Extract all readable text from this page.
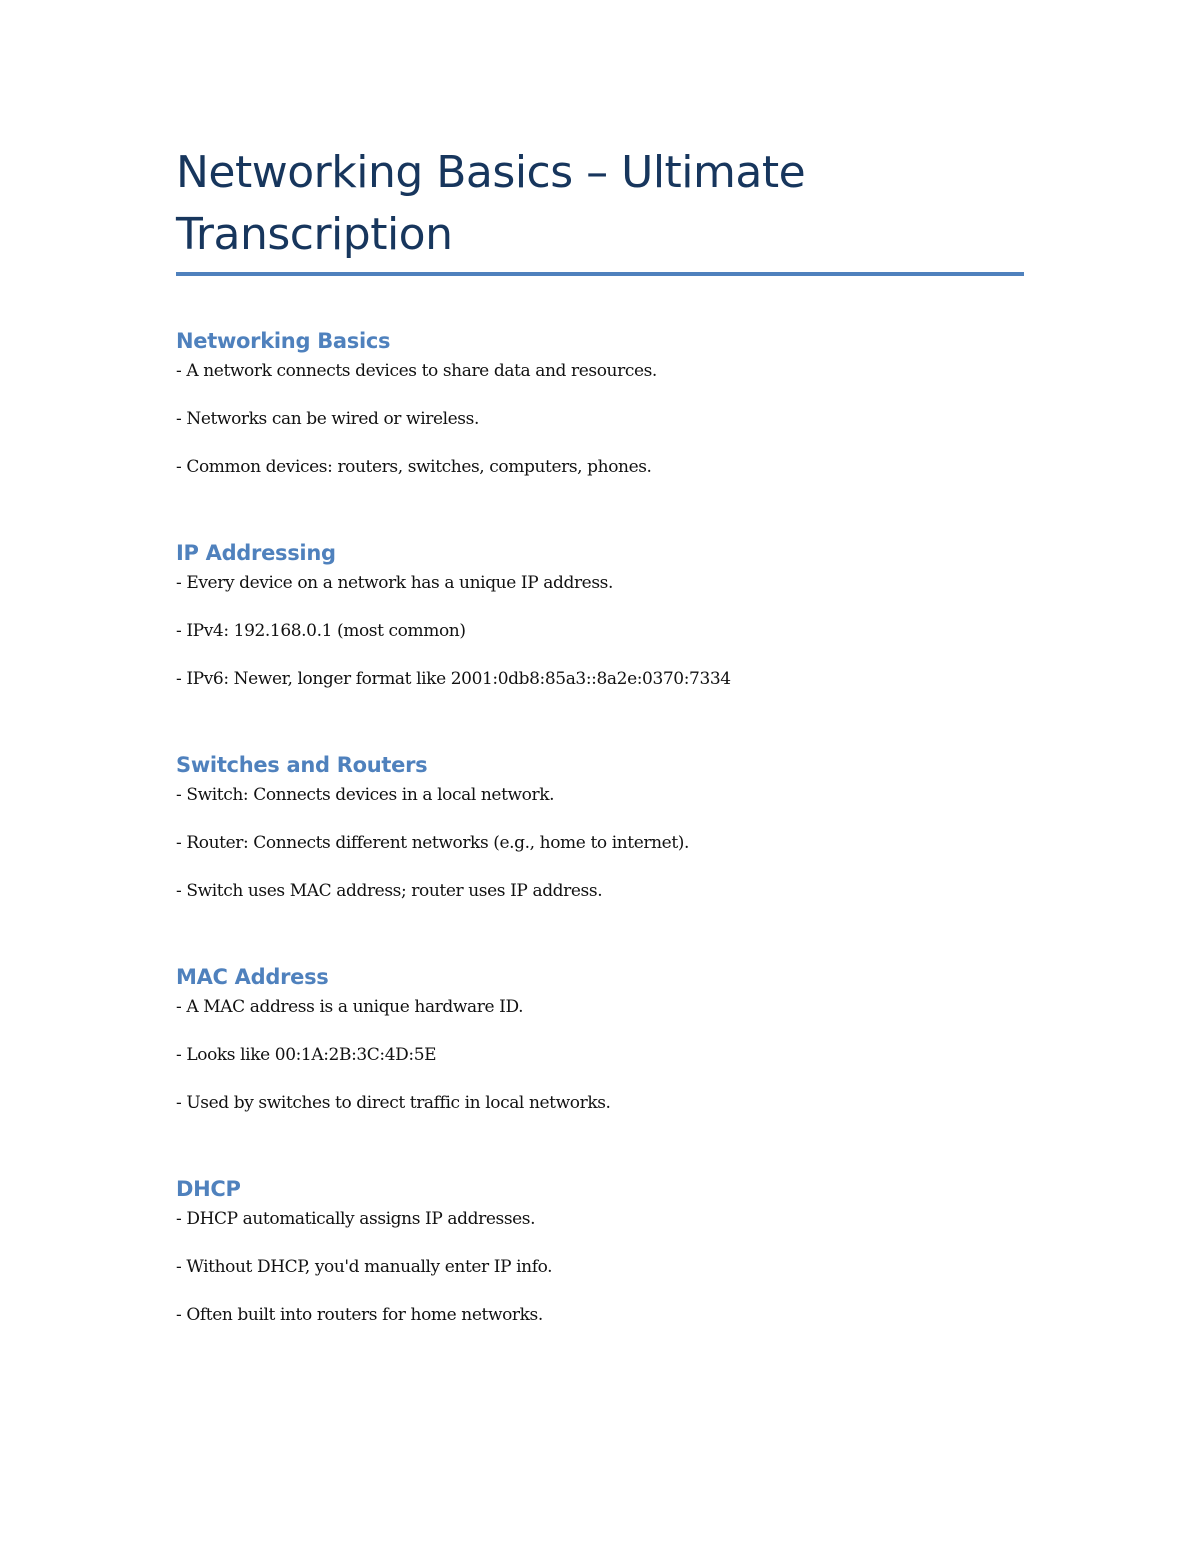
Networking Basics – Ultimate Transcription
Networking Basics
- A network connects devices to share data and resources.
- Networks can be wired or wireless.
- Common devices: routers, switches, computers, phones.
IP Addressing
- Every device on a network has a unique IP address.
- IPv4: 192.168.0.1 (most common)
- IPv6: Newer, longer format like 2001:0db8:85a3::8a2e:0370:7334
Switches and Routers
- Switch: Connects devices in a local network.
- Router: Connects different networks (e.g., home to internet).
- Switch uses MAC address; router uses IP address.
MAC Address
- A MAC address is a unique hardware ID.
- Looks like 00:1A:2B:3C:4D:5E
- Used by switches to direct traffic in local networks.
DHCP
- DHCP automatically assigns IP addresses.
- Without DHCP, you'd manually enter IP info.
- Often built into routers for home networks.
